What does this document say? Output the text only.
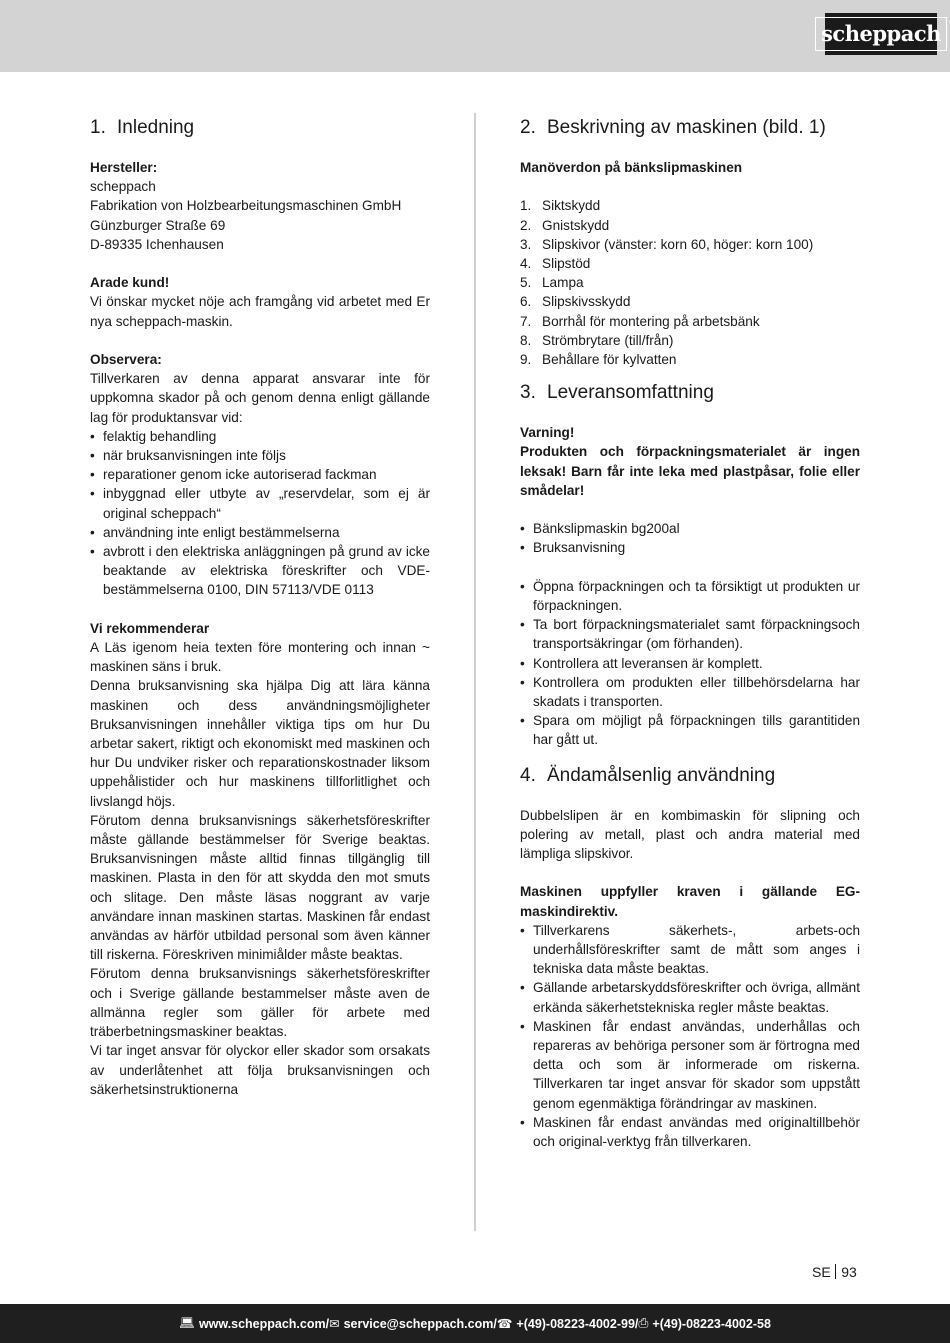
scheppach
1. Inledning

Hersteller:

scheppach

Fabrikation von Holzbearbeitungsmaschinen GmbH

Günzburger Straße 69

D-89335 Ichenhausen

Arade kund!

Vi önskar mycket nöje ach framgång vid arbetet med Er nya scheppach-maskin.

Observera:

Tillverkaren av denna apparat ansvarar inte för uppkomna skador på och genom denna enligt gällande lag för produktansvar vid:

• felaktig behandling
• när bruksanvisningen inte följs
• reparationer genom icke autoriserad fackman
• inbyggnad eller utbyte av „reservdelar, som ej är original scheppach“
• användning inte enligt bestämmelserna
• avbrott i den elektriska anläggningen på grund av icke beaktande av elektriska föreskrifter och VDE-bestämmelserna 0100, DIN 57113/VDE 0113

Vi rekommenderar

A Läs igenom heia texten före montering och innan ~ maskinen säns i bruk.

Denna bruksanvisning ska hjälpa Dig att lära känna maskinen och dess användningsmöjligheter Bruksanvisningen innehåller viktiga tips om hur Du arbetar sakert, riktigt och ekonomiskt med maskinen och hur Du undviker risker och reparationskostnader liksom uppehålistider och hur maskinens tillforlitlighet och livslangd höjs.

Förutom denna bruksanvisnings säkerhetsföreskrifter måste gällande bestämmelser för Sverige beaktas. Bruksanvisningen måste alltid finnas tillgänglig till maskinen. Plasta in den för att skydda den mot smuts och slitage. Den måste läsas noggrant av varje användare innan maskinen startas. Maskinen får endast användas av härför utbildad personal som även känner till riskerna. Föreskriven minimiålder måste beaktas.

Förutom denna bruksanvisnings säkerhetsföreskrifter och i Sverige gällande bestammelser måste aven de allmänna regler som gäller för arbete med träberbetningsmaskiner beaktas.

Vi tar inget ansvar för olyckor eller skador som orsakats av underlåtenhet att följa bruksanvisningen och säkerhetsinstruktionerna

2. Beskrivning av maskinen (bild. 1)

Manöverdon på bänkslipmaskinen

1. Siktskydd
2. Gnistskydd
3. Slipskivor (vänster: korn 60, höger: korn 100)
4. Slipstöd
5. Lampa
6. Slipskivsskydd
7. Borrhål för montering på arbetsbänk
8. Strömbrytare (till/från)
9. Behållare för kylvatten
3. Leveransomfattning

Varning!

Produkten och förpackningsmaterialet är ingen leksak! Barn får inte leka med plastpåsar, folie eller smådelar!

• Bänkslipmaskin bg200al
• Bruksanvisning
• Öppna förpackningen och ta försiktigt ut produkten ur förpackningen.
• Ta bort förpackningsmaterialet samt förpackningsoch transportsäkringar (om förhanden).
• Kontrollera att leveransen är komplett.
• Kontrollera om produkten eller tillbehörsdelarna har skadats i transporten.
• Spara om möjligt på förpackningen tills garantitiden har gått ut.
4. Ändamålsenlig användning

Dubbelslipen är en kombimaskin för slipning och polering av metall, plast och andra material med lämpliga slipskivor.

Maskinen uppfyller kraven i gällande EG-maskindirektiv.

• Tillverkarens säkerhets-, arbets-och underhållsföreskrifter samt de mått som anges i tekniska data måste beaktas.
• Gällande arbetarskyddsföreskrifter och övriga, allmänt erkända säkerhetstekniska regler måste beaktas.
• Maskinen får endast användas, underhållas och repareras av behöriga personer som är förtrogna med detta och som är informerade om riskerna. Tillverkaren tar inget ansvar för skador som uppstått genom egenmäktiga förändringar av maskinen.
• Maskinen får endast användas med originaltillbehör och original-verktyg från tillverkaren.
SE 93
💻︎ www.scheppach.com / ✉︎ service@scheppach.com / ☎︎ +(49)-08223-4002-99 / ⎙︎ +(49)-08223-4002-58
